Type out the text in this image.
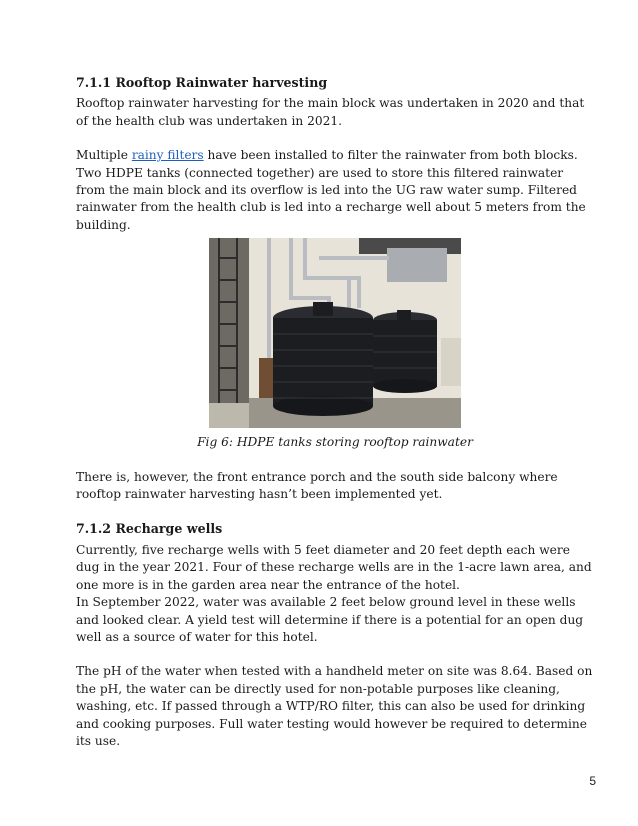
7.1.1 Rooftop Rainwater harvesting

Rooftop rainwater harvesting for the main block was undertaken in 2020 and that of the health club was undertaken in 2021.

Multiple rainy filters have been installed to filter the rainwater from both blocks. Two HDPE tanks (connected together) are used to store this filtered rainwater from the main block and its overflow is led into the UG raw water sump. Filtered rainwater from the health club is led into a recharge well about 5 meters from the building.

Fig 6: HDPE tanks storing rooftop rainwater

There is, however, the front entrance porch and the south side balcony where rooftop rainwater harvesting hasn’t been implemented yet.

7.1.2 Recharge wells

Currently, five recharge wells with 5 feet diameter and 20 feet depth each were dug in the year 2021. Four of these recharge wells are in the 1-acre lawn area, and one more is in the garden area near the entrance of the hotel.

In September 2022, water was available 2 feet below ground level in these wells and looked clear. A yield test will determine if there is a potential for an open dug well as a source of water for this hotel.

The pH of the water when tested with a handheld meter on site was 8.64. Based on the pH, the water can be directly used for non-potable purposes like cleaning, washing, etc. If passed through a WTP/RO filter, this can also be used for drinking and cooking purposes. Full water testing would however be required to determine its use.

5
